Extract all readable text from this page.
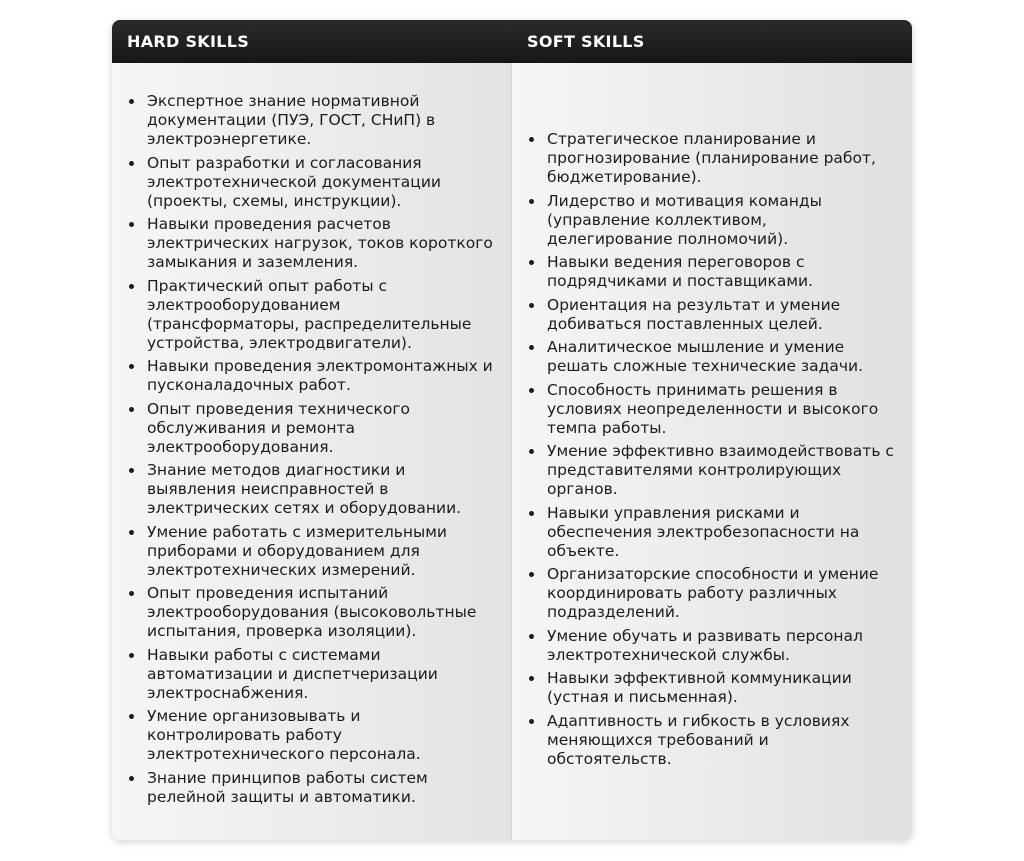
HARD SKILLS	SOFT SKILLS
Экспертное знание нормативной документации (ПУЭ, ГОСТ, СНиП) в электроэнергетике.
Опыт разработки и согласования электротехнической документации (проекты, схемы, инструкции).
Навыки проведения расчетов электрических нагрузок, токов короткого замыкания и заземления.
Практический опыт работы с электрооборудованием (трансформаторы, распределительные устройства, электродвигатели).
Навыки проведения электромонтажных и пусконаладочных работ.
Опыт проведения технического обслуживания и ремонта электрооборудования.
Знание методов диагностики и выявления неисправностей в электрических сетях и оборудовании.
Умение работать с измерительными приборами и оборудованием для электротехнических измерений.
Опыт проведения испытаний электрооборудования (высоковольтные испытания, проверка изоляции).
Навыки работы с системами автоматизации и диспетчеризации электроснабжения.
Умение организовывать и контролировать работу электротехнического персонала.
Знание принципов работы систем релейной защиты и автоматики.
Стратегическое планирование и прогнозирование (планирование работ, бюджетирование).
Лидерство и мотивация команды (управление коллективом, делегирование полномочий).
Навыки ведения переговоров с подрядчиками и поставщиками.
Ориентация на результат и умение добиваться поставленных целей.
Аналитическое мышление и умение решать сложные технические задачи.
Способность принимать решения в условиях неопределенности и высокого темпа работы.
Умение эффективно взаимодействовать с представителями контролирующих органов.
Навыки управления рисками и обеспечения электробезопасности на объекте.
Организаторские способности и умение координировать работу различных подразделений.
Умение обучать и развивать персонал электротехнической службы.
Навыки эффективной коммуникации (устная и письменная).
Адаптивность и гибкость в условиях меняющихся требований и обстоятельств.
